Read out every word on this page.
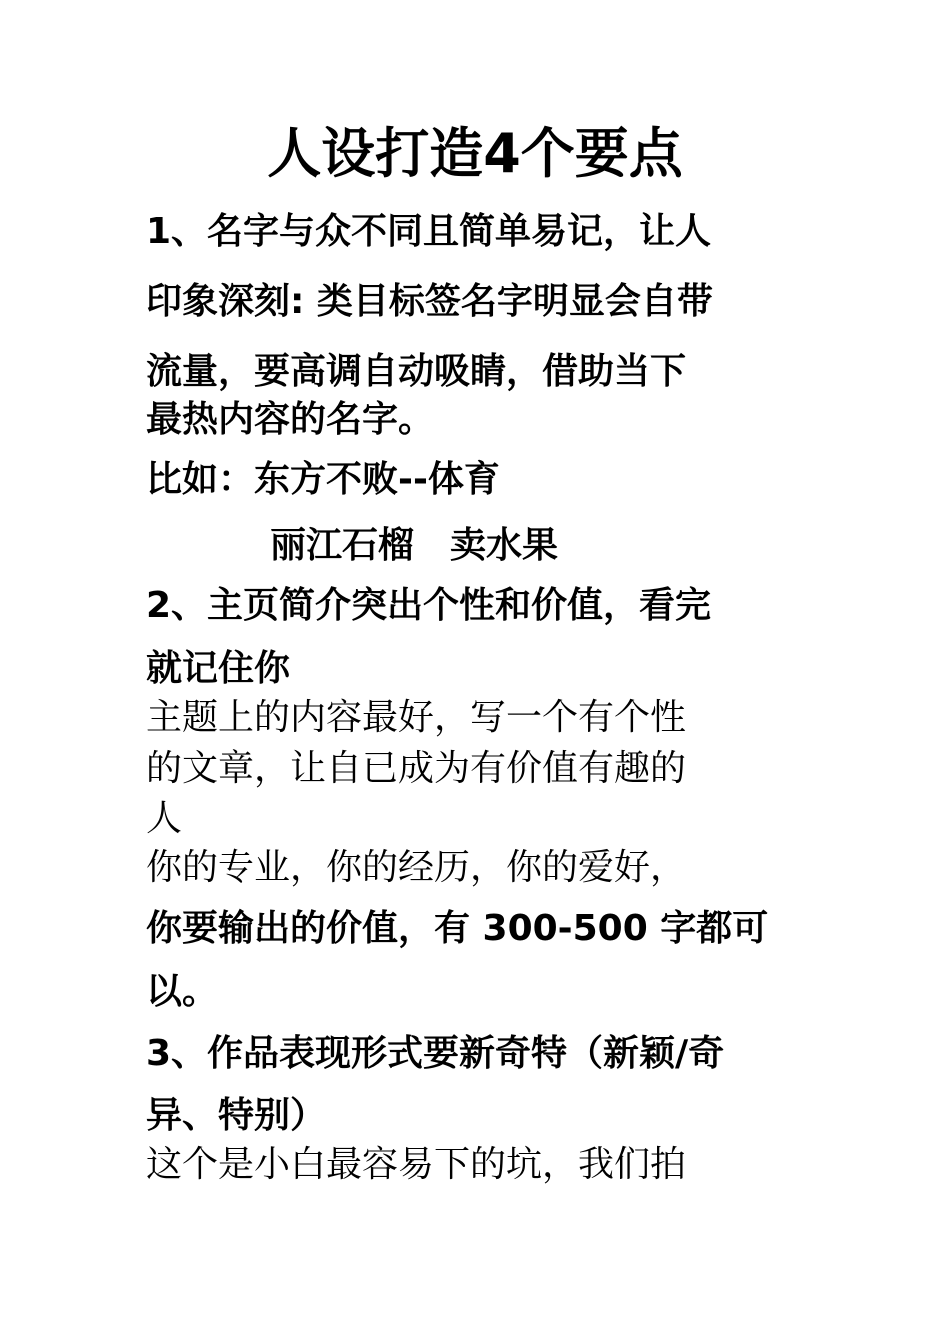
人设打造4个要点
1、名字与众不同且简单易记，让人
印象深刻: 类目标签名字明显会自带
流量，要高调自动吸睛，借助当下
最热内容的名字。
比如：东方不败--体育
丽江石榴　卖水果
2、主页简介突出个性和价值，看完
就记住你
主题上的内容最好，写一个有个性
的文章，让自已成为有价值有趣的
人
你的专业，你的经历，你的爱好，
你要输出的价值，有 300-500 字都可
以。
3、作品表现形式要新奇特（新颖/奇
异、特别）
这个是小白最容易下的坑，我们拍
